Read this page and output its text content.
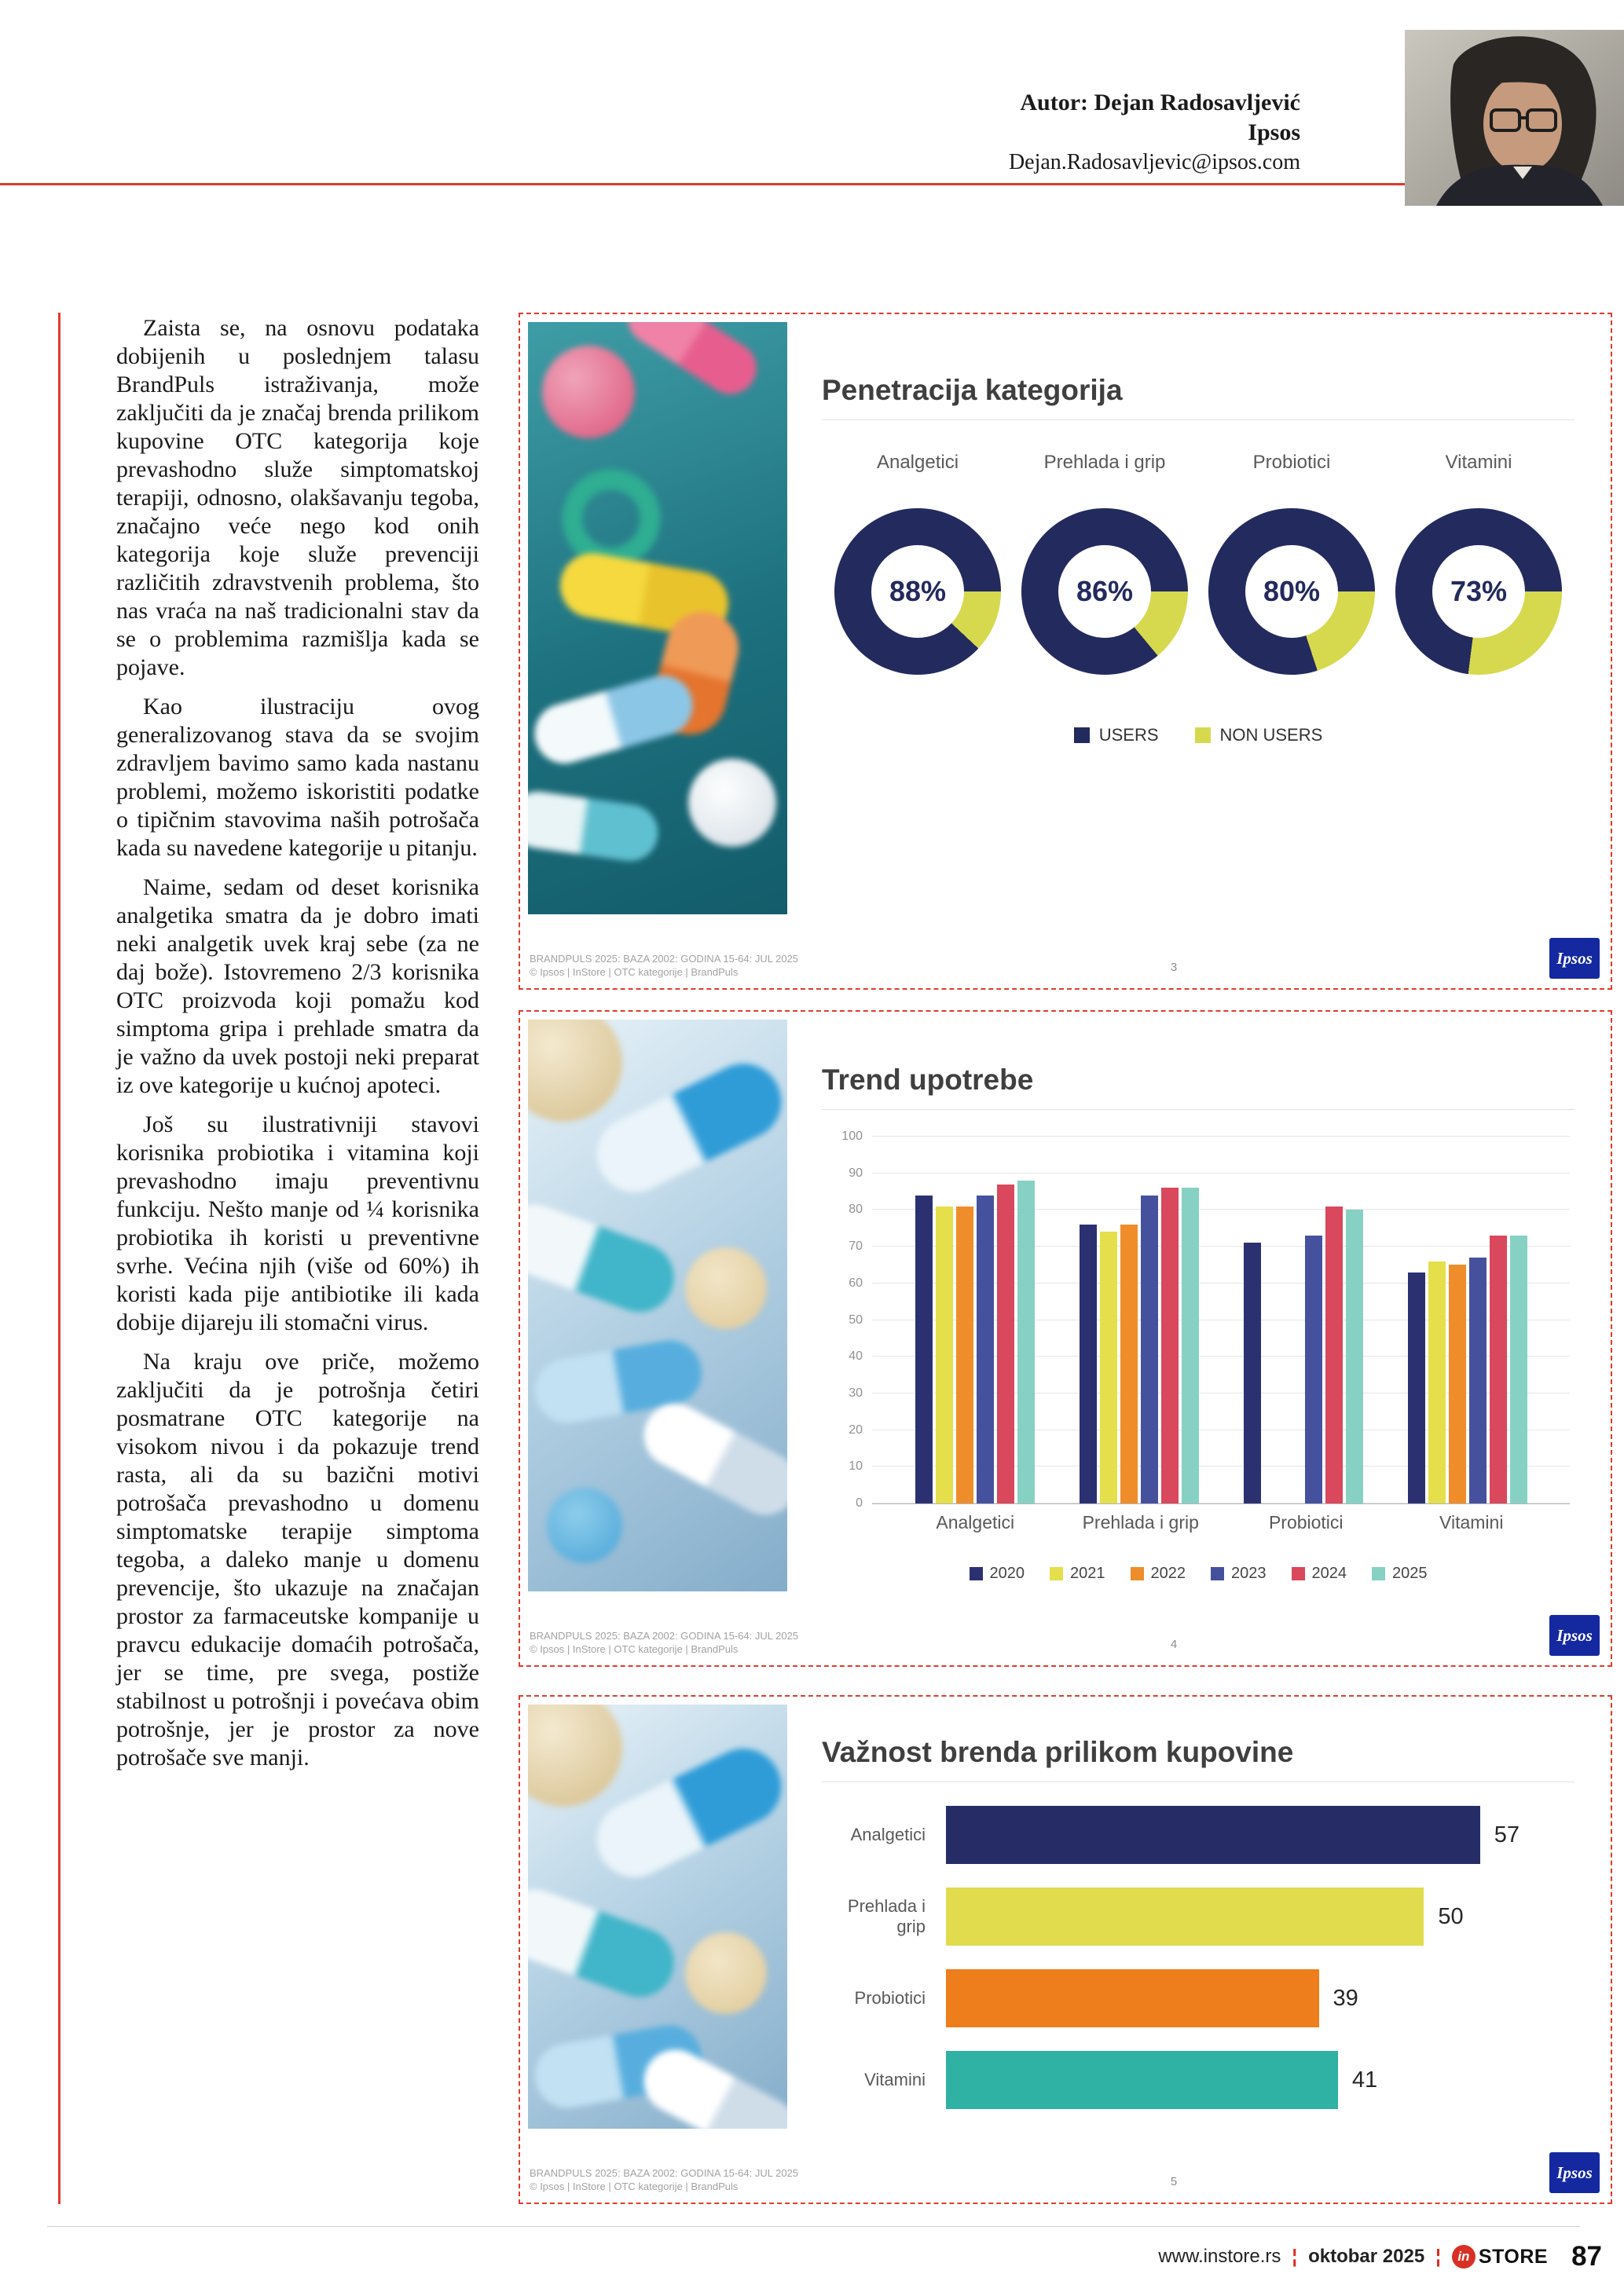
Autor: Dejan Radosavljević
Ipsos
Dejan.Radosavljevic@ipsos.com

Zaista se, na osnovu podataka dobijenih u poslednjem talasu BrandPuls istraživanja, može zaključiti da je značaj brenda prilikom kupovine OTC kategorija koje prevashodno služe simptomatskoj terapiji, odnosno, olakšavanju tegoba, značajno veće nego kod onih kategorija koje služe prevenciji različitih zdravstvenih problema, što nas vraća na naš tradicionalni stav da se o problemima razmišlja kada se pojave.

Kao ilustraciju ovog generalizovanog stava da se svojim zdravljem bavimo samo kada nastanu problemi, možemo iskoristiti podatke o tipičnim stavovima naših potrošača kada su navedene kategorije u pitanju.

Naime, sedam od deset korisnika analgetika smatra da je dobro imati neki analgetik uvek kraj sebe (za ne daj bože). Istovremeno 2/3 korisnika OTC proizvoda koji pomažu kod simptoma gripa i prehlade smatra da je važno da uvek postoji neki preparat iz ove kategorije u kućnoj apoteci.

Još su ilustrativniji stavovi korisnika probiotika i vitamina koji prevashodno imaju preventivnu funkciju. Nešto manje od ¼ korisnika probiotika ih koristi u preventivne svrhe. Većina njih (više od 60%) ih koristi kada pije antibiotike ili kada dobije dijareju ili stomačni virus.

Na kraju ove priče, možemo zaključiti da je potrošnja četiri posmatrane OTC kategorije na visokom nivou i da pokazuje trend rasta, ali da su bazični motivi potrošača prevashodno u domenu simptomatske terapije simptoma tegoba, a daleko manje u domenu prevencije, što ukazuje na značajan prostor za farmaceutske kompanije u pravcu edukacije domaćih potrošača, jer se time, pre svega, postiže stabilnost u potrošnji i povećava obim potrošnje, jer je prostor za nove potrošače sve manji.

Penetracija kategorija
Analgetici
88%
Prehlada i grip
86%
Probiotici
80%
Vitamini
73%
USERS	NON USERS
BRANDPULS 2025: BAZA 2002: GODINA 15-64: JUL 2025
© Ipsos | InStore | OTC kategorije | BrandPuls	3	Ipsos
Trend upotrebe
0
10
20
30
40
50
60
70
80
90
100
Analgetici	Prehlada i grip	Probiotici	Vitamini
2020	2021	2022	2023	2024	2025
BRANDPULS 2025: BAZA 2002: GODINA 15-64: JUL 2025
© Ipsos | InStore | OTC kategorije | BrandPuls	4	Ipsos
Važnost brenda prilikom kupovine
Analgetici	57
Prehlada i grip	50
Probiotici	39
Vitamini	41
BRANDPULS 2025: BAZA 2002: GODINA 15-64: JUL 2025
© Ipsos | InStore | OTC kategorije | BrandPuls	5	Ipsos
www.instore.rs ¦ oktobar 2025 ¦	in STORE 87
